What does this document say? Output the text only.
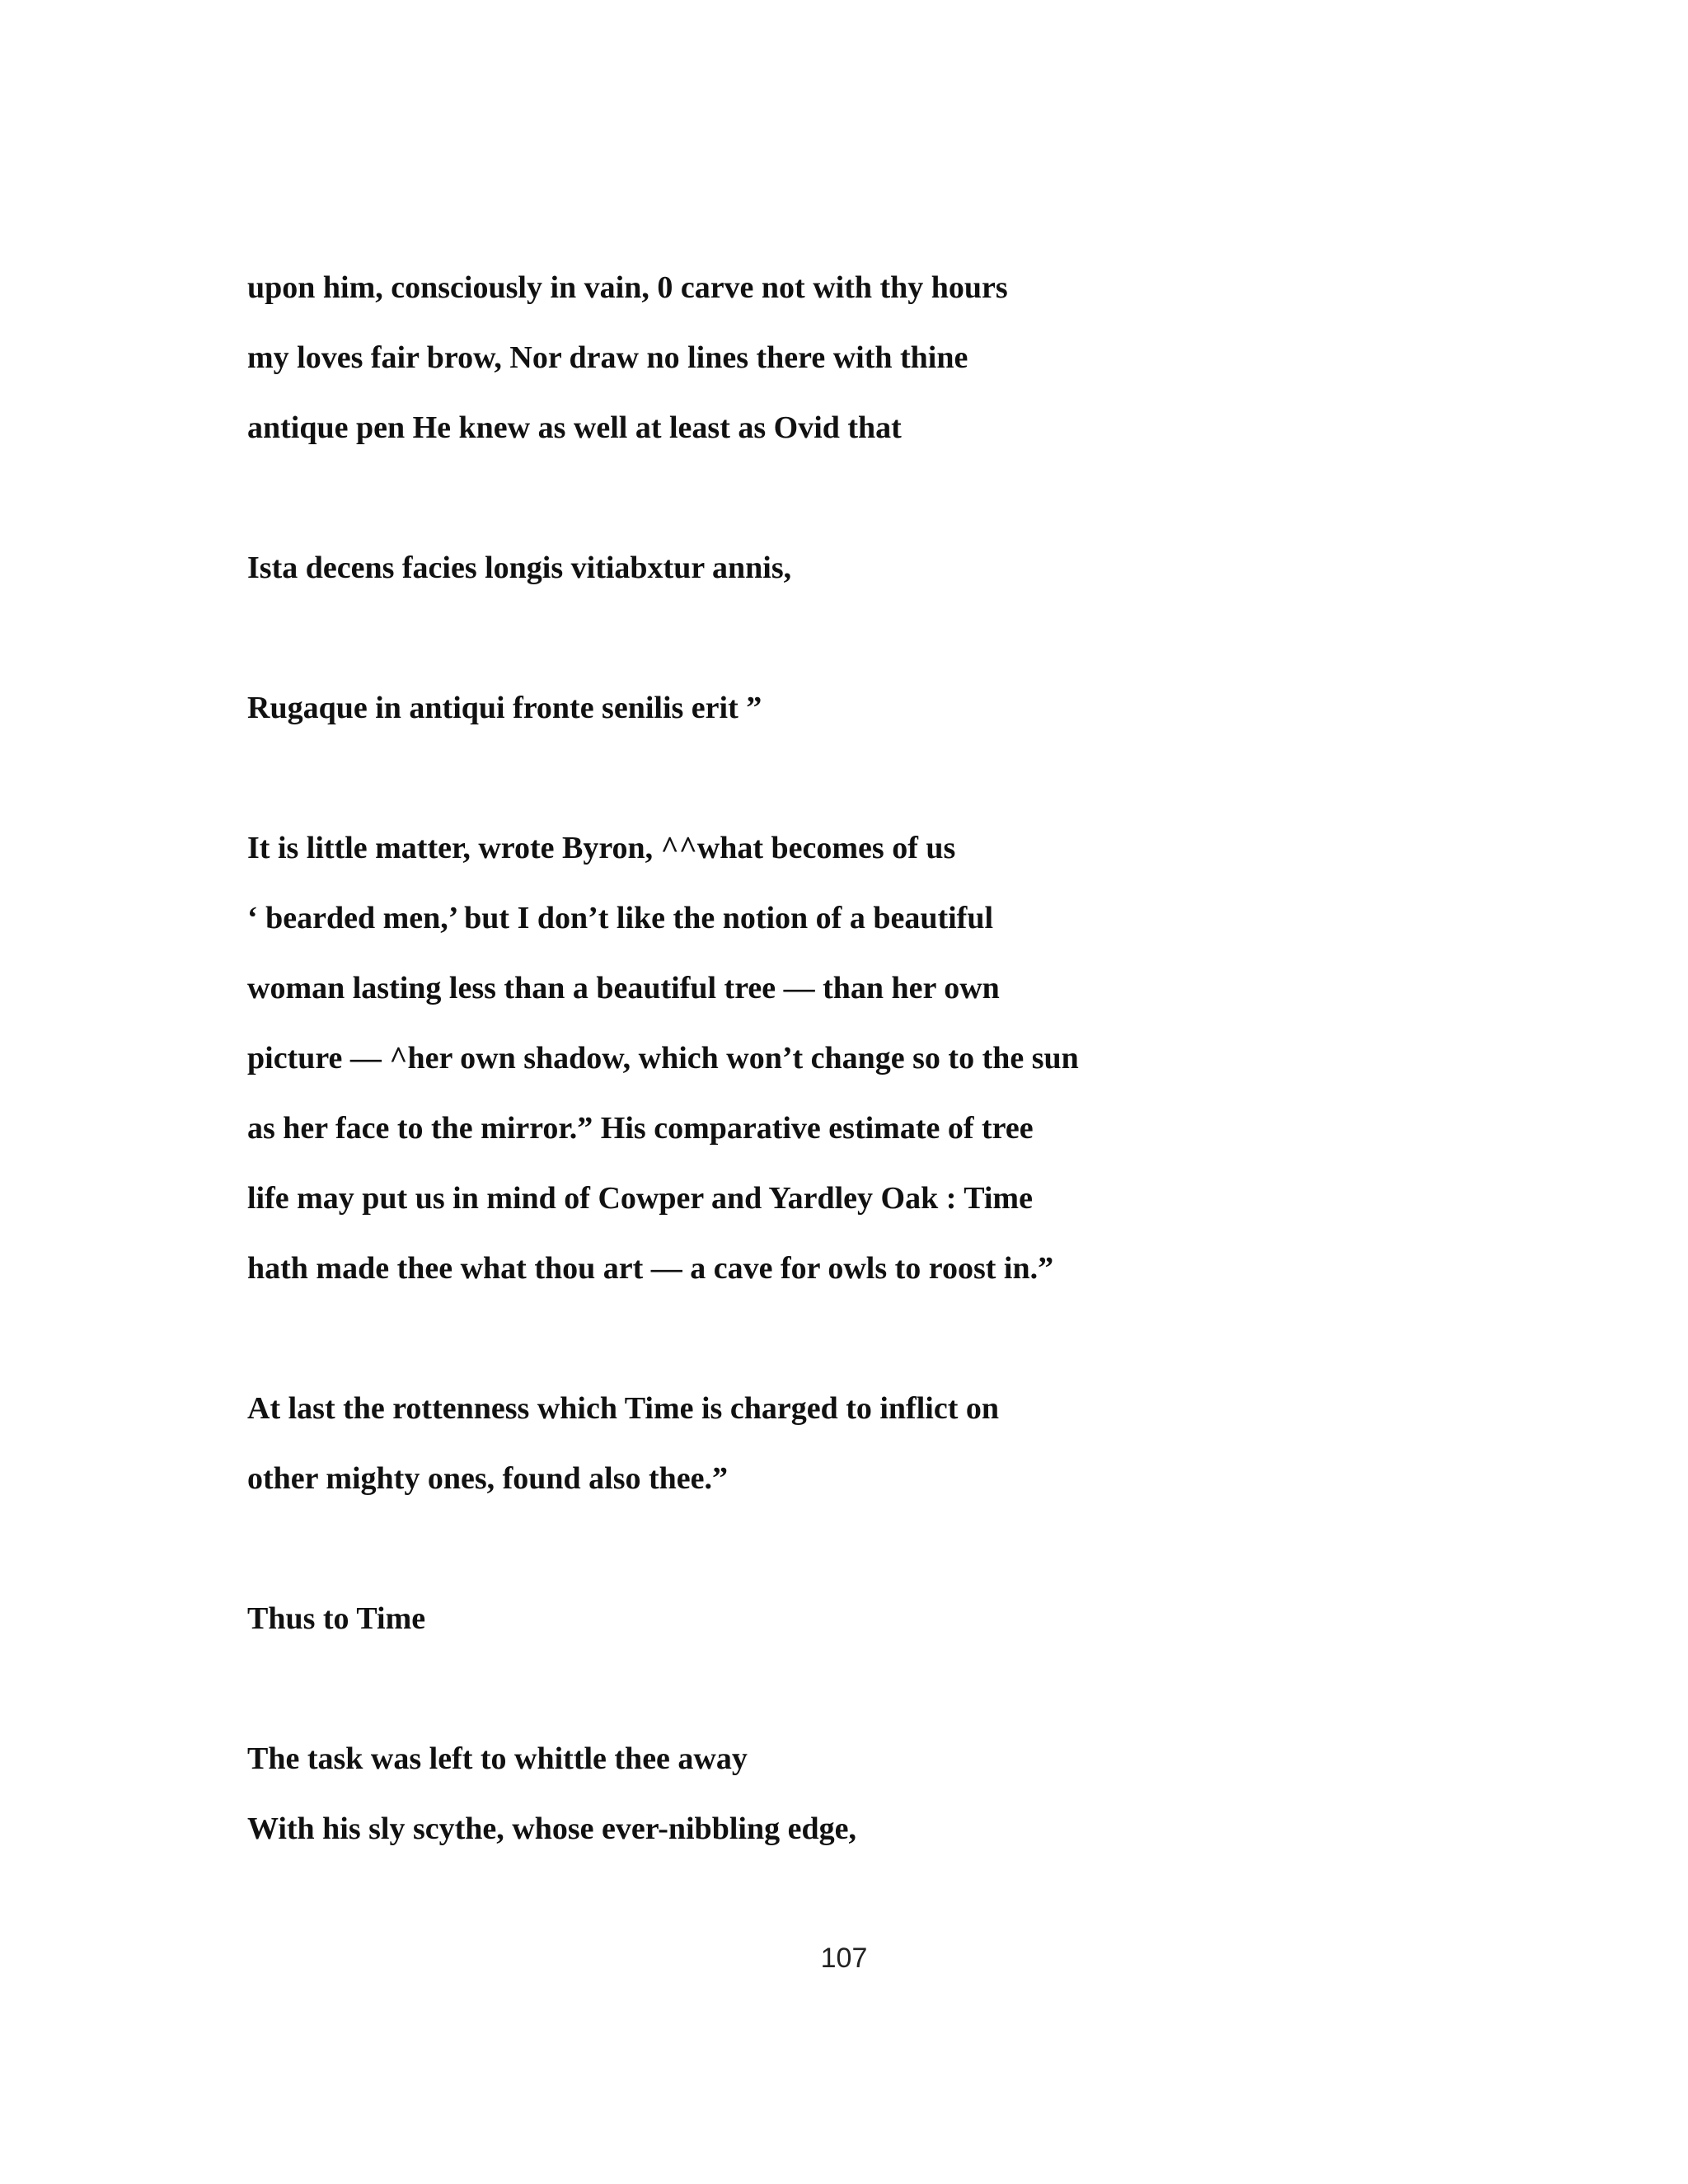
upon him, consciously in vain, 0 carve not with thy hours

my loves fair brow, Nor draw no lines there with thine

antique pen He knew as well at least as Ovid that

Ista decens facies longis vitiabxtur annis,

Rugaque in antiqui fronte senilis erit ”

It is little matter, wrote Byron, ^^what becomes of us

‘ bearded men,’ but I don’t like the notion of a beautiful

woman lasting less than a beautiful tree — than her own

picture — ^her own shadow, which won’t change so to the sun

as her face to the mirror.” His comparative estimate of tree

life may put us in mind of Cowper and Yardley Oak : Time

hath made thee what thou art — a cave for owls to roost in.”

At last the rottenness which Time is charged to inflict on

other mighty ones, found also thee.”

Thus to Time

The task was left to whittle thee away

With his sly scythe, whose ever-nibbling edge,

107
